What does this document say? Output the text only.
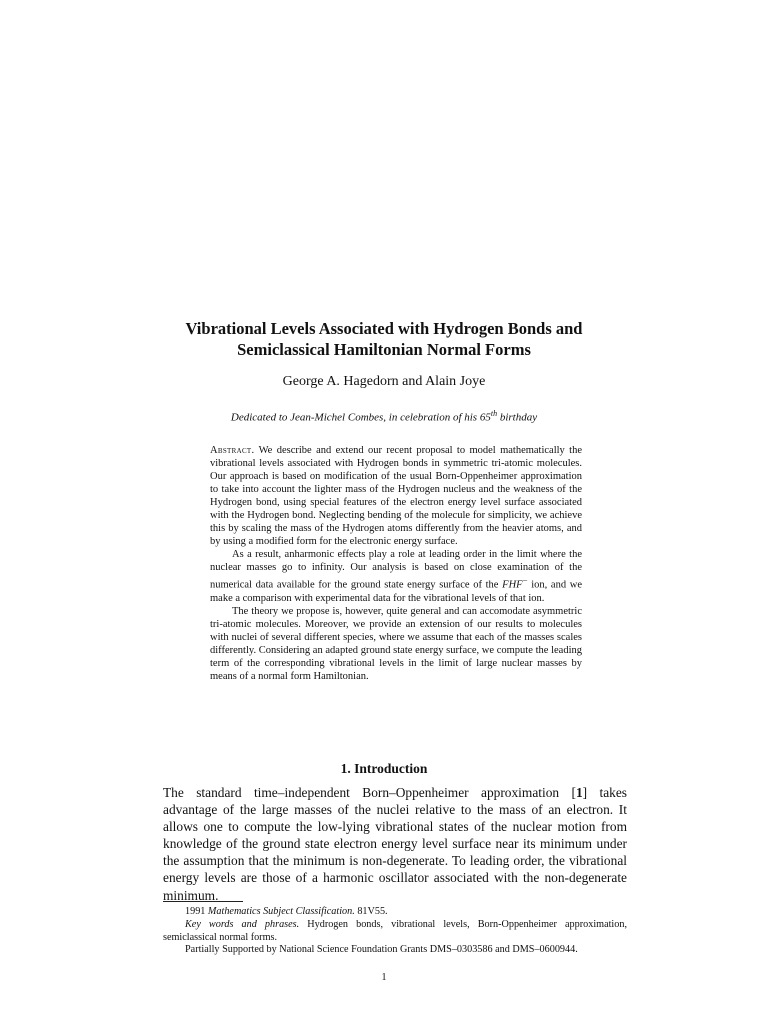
Vibrational Levels Associated with Hydrogen Bonds and
Semiclassical Hamiltonian Normal Forms
George A. Hagedorn and Alain Joye
Dedicated to Jean-Michel Combes, in celebration of his 65th birthday

Abstract. We describe and extend our recent proposal to model mathematically the vibrational levels associated with Hydrogen bonds in symmetric tri-atomic molecules. Our approach is based on modification of the usual Born-Oppenheimer approximation to take into account the lighter mass of the Hydrogen nucleus and the weakness of the Hydrogen bond, using special features of the electron energy level surface associated with the Hydrogen bond. Neglecting bending of the molecule for simplicity, we achieve this by scaling the mass of the Hydrogen atoms differently from the heavier atoms, and by using a modified form for the electronic energy surface.

As a result, anharmonic effects play a role at leading order in the limit where the nuclear masses go to infinity. Our analysis is based on close examination of the numerical data available for the ground state energy surface of the FHF− ion, and we make a comparison with experimental data for the vibrational levels of that ion.

The theory we propose is, however, quite general and can accomodate asymmetric tri-atomic molecules. Moreover, we provide an extension of our results to molecules with nuclei of several different species, where we assume that each of the masses scales differently. Considering an adapted ground state energy surface, we compute the leading term of the corresponding vibrational levels in the limit of large nuclear masses by means of a normal form Hamiltonian.

1. Introduction

The standard time–independent Born–Oppenheimer approximation [1] takes advantage of the large masses of the nuclei relative to the mass of an electron. It allows one to compute the low-lying vibrational states of the nuclear motion from knowledge of the ground state electron energy level surface near its minimum under the assumption that the minimum is non-degenerate. To leading order, the vibrational energy levels are those of a harmonic oscillator associated with the non-degenerate minimum.

1991 Mathematics Subject Classification. 81V55.

Key words and phrases. Hydrogen bonds, vibrational levels, Born-Oppenheimer approximation, semiclassical normal forms.

Partially Supported by National Science Foundation Grants DMS–0303586 and DMS–0600944.

1
